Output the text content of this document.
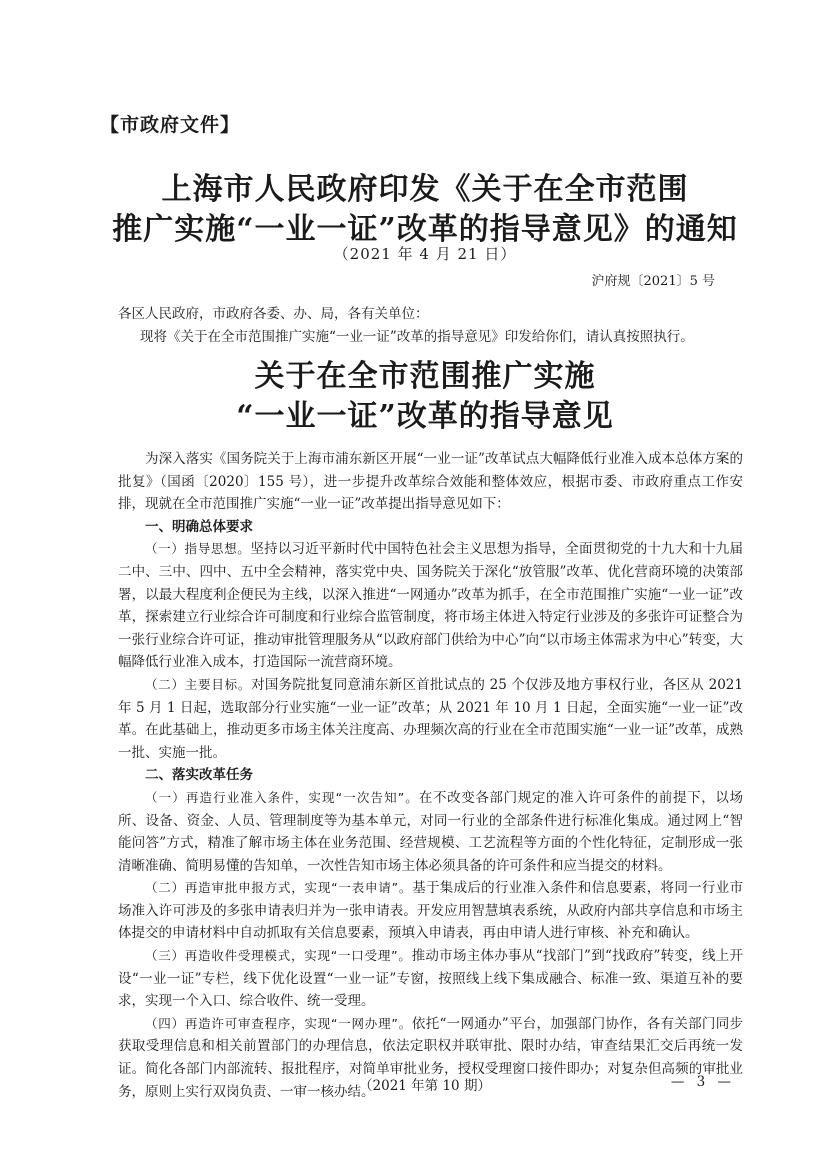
【市政府文件】
上海市人民政府印发《关于在全市范围
推广实施“一业一证”改革的指导意见》的通知
（2021 年 4 月 21 日）
沪府规〔2021〕5 号
各区人民政府，市政府各委、办、局，各有关单位：
现将《关于在全市范围推广实施“一业一证”改革的指导意见》印发给你们，请认真按照执行。
关于在全市范围推广实施
“一业一证”改革的指导意见

为深入落实《国务院关于上海市浦东新区开展“一业一证”改革试点大幅降低行业准入成本总体方案的批复》（国函〔2020〕155 号），进一步提升改革综合效能和整体效应，根据市委、市政府重点工作安排，现就在全市范围推广实施“一业一证”改革提出指导意见如下：

一、明确总体要求

（一）指导思想。坚持以习近平新时代中国特色社会主义思想为指导，全面贯彻党的十九大和十九届二中、三中、四中、五中全会精神，落实党中央、国务院关于深化“放管服”改革、优化营商环境的决策部署，以最大程度利企便民为主线，以深入推进“一网通办”改革为抓手，在全市范围推广实施“一业一证”改革，探索建立行业综合许可制度和行业综合监管制度，将市场主体进入特定行业涉及的多张许可证整合为一张行业综合许可证，推动审批管理服务从“以政府部门供给为中心”向“以市场主体需求为中心”转变，大幅降低行业准入成本，打造国际一流营商环境。

（二）主要目标。对国务院批复同意浦东新区首批试点的 25 个仅涉及地方事权行业，各区从 2021 年 5 月 1 日起，选取部分行业实施“一业一证”改革；从 2021 年 10 月 1 日起，全面实施“一业一证”改革。在此基础上，推动更多市场主体关注度高、办理频次高的行业在全市范围实施“一业一证”改革，成熟一批、实施一批。

二、落实改革任务

（一）再造行业准入条件，实现“一次告知”。在不改变各部门规定的准入许可条件的前提下，以场所、设备、资金、人员、管理制度等为基本单元，对同一行业的全部条件进行标准化集成。通过网上“智能问答”方式，精准了解市场主体在业务范围、经营规模、工艺流程等方面的个性化特征，定制形成一张清晰准确、简明易懂的告知单，一次性告知市场主体必须具备的许可条件和应当提交的材料。

（二）再造审批申报方式，实现“一表申请”。基于集成后的行业准入条件和信息要素，将同一行业市场准入许可涉及的多张申请表归并为一张申请表。开发应用智慧填表系统，从政府内部共享信息和市场主体提交的申请材料中自动抓取有关信息要素，预填入申请表，再由申请人进行审核、补充和确认。

（三）再造收件受理模式，实现“一口受理”。推动市场主体办事从“找部门”到“找政府”转变，线上开设“一业一证”专栏，线下优化设置“一业一证”专窗，按照线上线下集成融合、标准一致、渠道互补的要求，实现一个入口、综合收件、统一受理。

（四）再造许可审查程序，实现“一网办理”。依托“一网通办”平台，加强部门协作，各有关部门同步获取受理信息和相关前置部门的办理信息，依法定职权并联审批、限时办结，审查结果汇交后再统一发证。简化各部门内部流转、报批程序，对简单审批业务，授权受理窗口接件即办；对复杂但高频的审批业务，原则上实行双岗负责、一审一核办结。

（2021 年第 10 期）	— 3 —
